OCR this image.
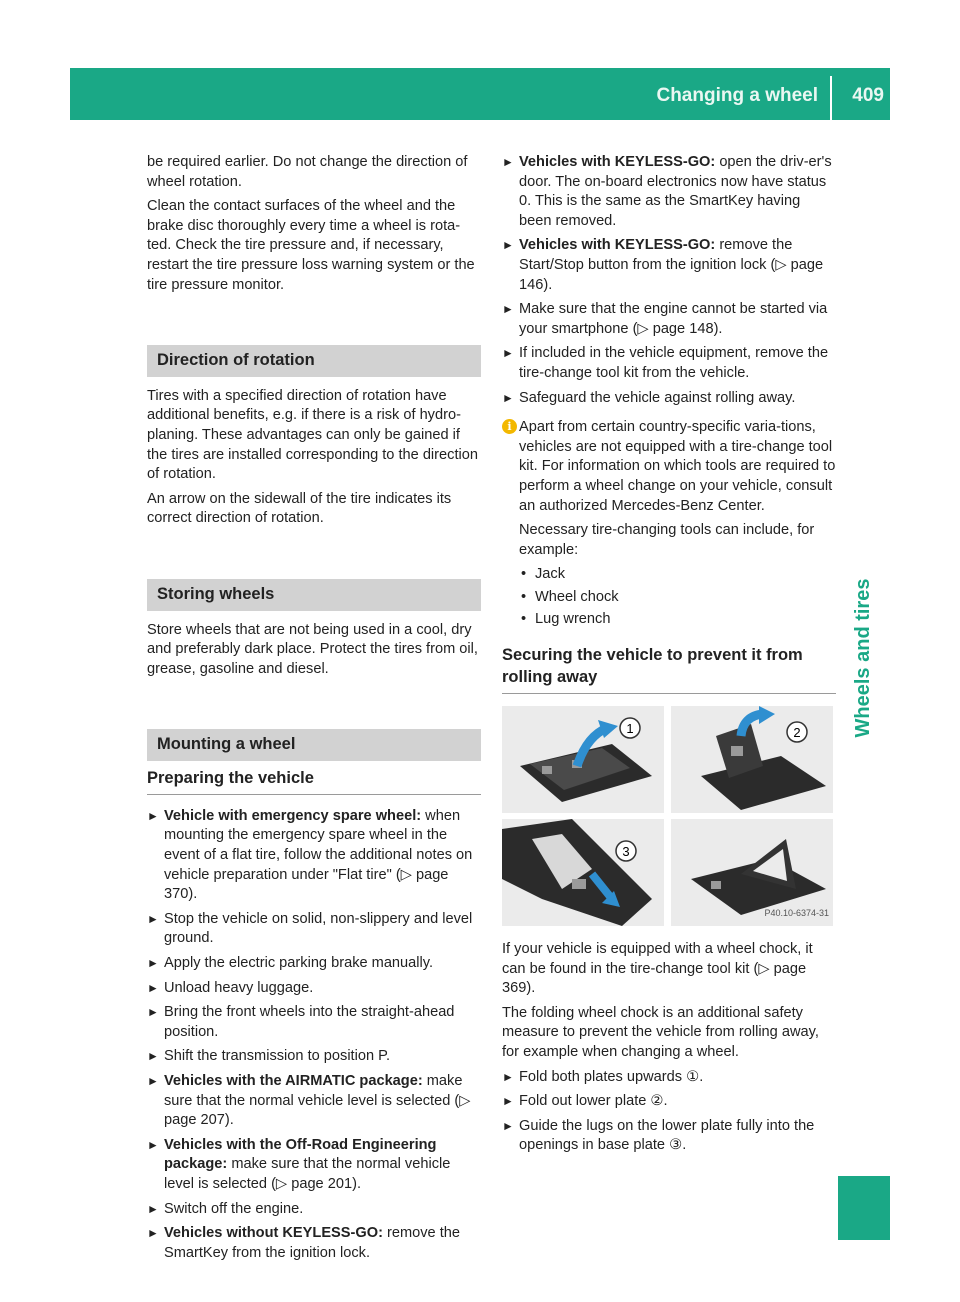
Changing a wheel 409
Wheels and tires

be required earlier. Do not change the direction of wheel rotation.

Clean the contact surfaces of the wheel and the brake disc thoroughly every time a wheel is rota-ted. Check the tire pressure and, if necessary, restart the tire pressure loss warning system or the tire pressure monitor.

Direction of rotation

Tires with a specified direction of rotation have additional benefits, e.g. if there is a risk of hydro-planing. These advantages can only be gained if the tires are installed corresponding to the direction of rotation.

An arrow on the sidewall of the tire indicates its correct direction of rotation.

Storing wheels

Store wheels that are not being used in a cool, dry and preferably dark place. Protect the tires from oil, grease, gasoline and diesel.

Mounting a wheel
Preparing the vehicle
► Vehicle with emergency spare wheel: when mounting the emergency spare wheel in the event of a flat tire, follow the additional notes on vehicle preparation under "Flat tire" (▷ page 370).
► Stop the vehicle on solid, non-slippery and level ground.
► Apply the electric parking brake manually.
► Unload heavy luggage.
► Bring the front wheels into the straight-ahead position.
► Shift the transmission to position P.
► Vehicles with the AIRMATIC package: make sure that the normal vehicle level is selected (▷ page 207).
► Vehicles with the Off-Road Engineering package: make sure that the normal vehicle level is selected (▷ page 201).
► Switch off the engine.
► Vehicles without KEYLESS-GO: remove the SmartKey from the ignition lock.
► Vehicles with KEYLESS-GO: open the driv-er's door. The on-board electronics now have status 0. This is the same as the SmartKey having been removed.
► Vehicles with KEYLESS-GO: remove the Start/Stop button from the ignition lock (▷ page 146).
► Make sure that the engine cannot be started via your smartphone (▷ page 148).
► If included in the vehicle equipment, remove the tire-change tool kit from the vehicle.
► Safeguard the vehicle against rolling away.
i Apart from certain country-specific varia-tions, vehicles are not equipped with a tire-change tool kit. For information on which tools are required to perform a wheel change on your vehicle, consult an authorized Mercedes-Benz Center.

Necessary tire-changing tools can include, for example:

• Jack
• Wheel chock
• Lug wrench
Securing the vehicle to prevent it from rolling away
1	2
3
P40.10-6374-31

If your vehicle is equipped with a wheel chock, it can be found in the tire-change tool kit (▷ page 369).

The folding wheel chock is an additional safety measure to prevent the vehicle from rolling away, for example when changing a wheel.

► Fold both plates upwards ①.
► Fold out lower plate ②.
► Guide the lugs on the lower plate fully into the openings in base plate ③.
